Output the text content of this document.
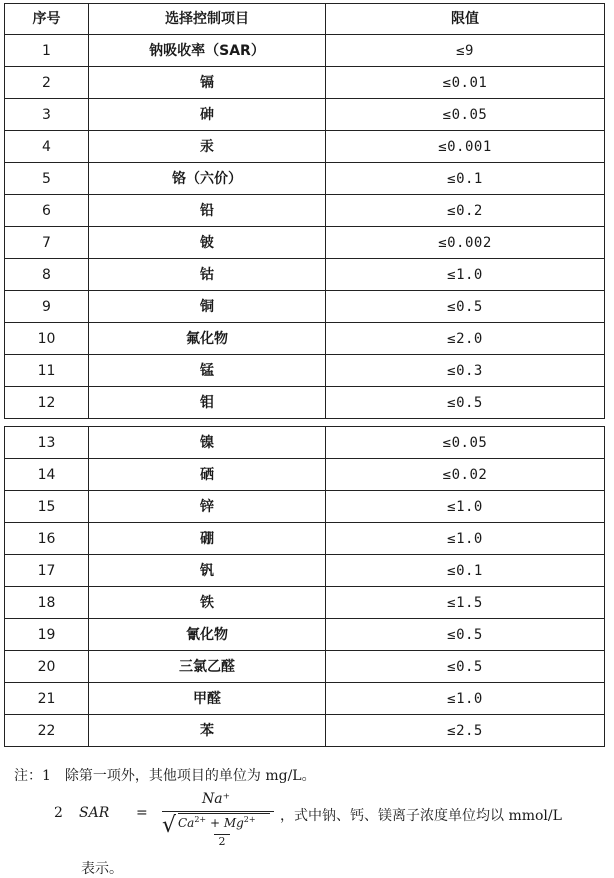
序号	选择控制项目	限值
1	钠吸收率（SAR）	≤9
2	镉	≤0.01
3	砷	≤0.05
4	汞	≤0.001
5	铬（六价）	≤0.1
6	铅	≤0.2
7	铍	≤0.002
8	钴	≤1.0
9	铜	≤0.5
10	氟化物	≤2.0
11	锰	≤0.3
12	钼	≤0.5
13	镍	≤0.05
14	硒	≤0.02
15	锌	≤1.0
16	硼	≤1.0
17	钒	≤0.1
18	铁	≤1.5
19	氰化物	≤0.5
20	三氯乙醛	≤0.5
21	甲醛	≤1.0
22	苯	≤2.5
注：1　除第一项外，其他项目的单位为 mg/L。
2 SAR =
Na⁺
√ $Ca^{2+} + Mg^{2+}$
2
，式中钠、钙、镁离子浓度单位均以 mmol/L
表示。
